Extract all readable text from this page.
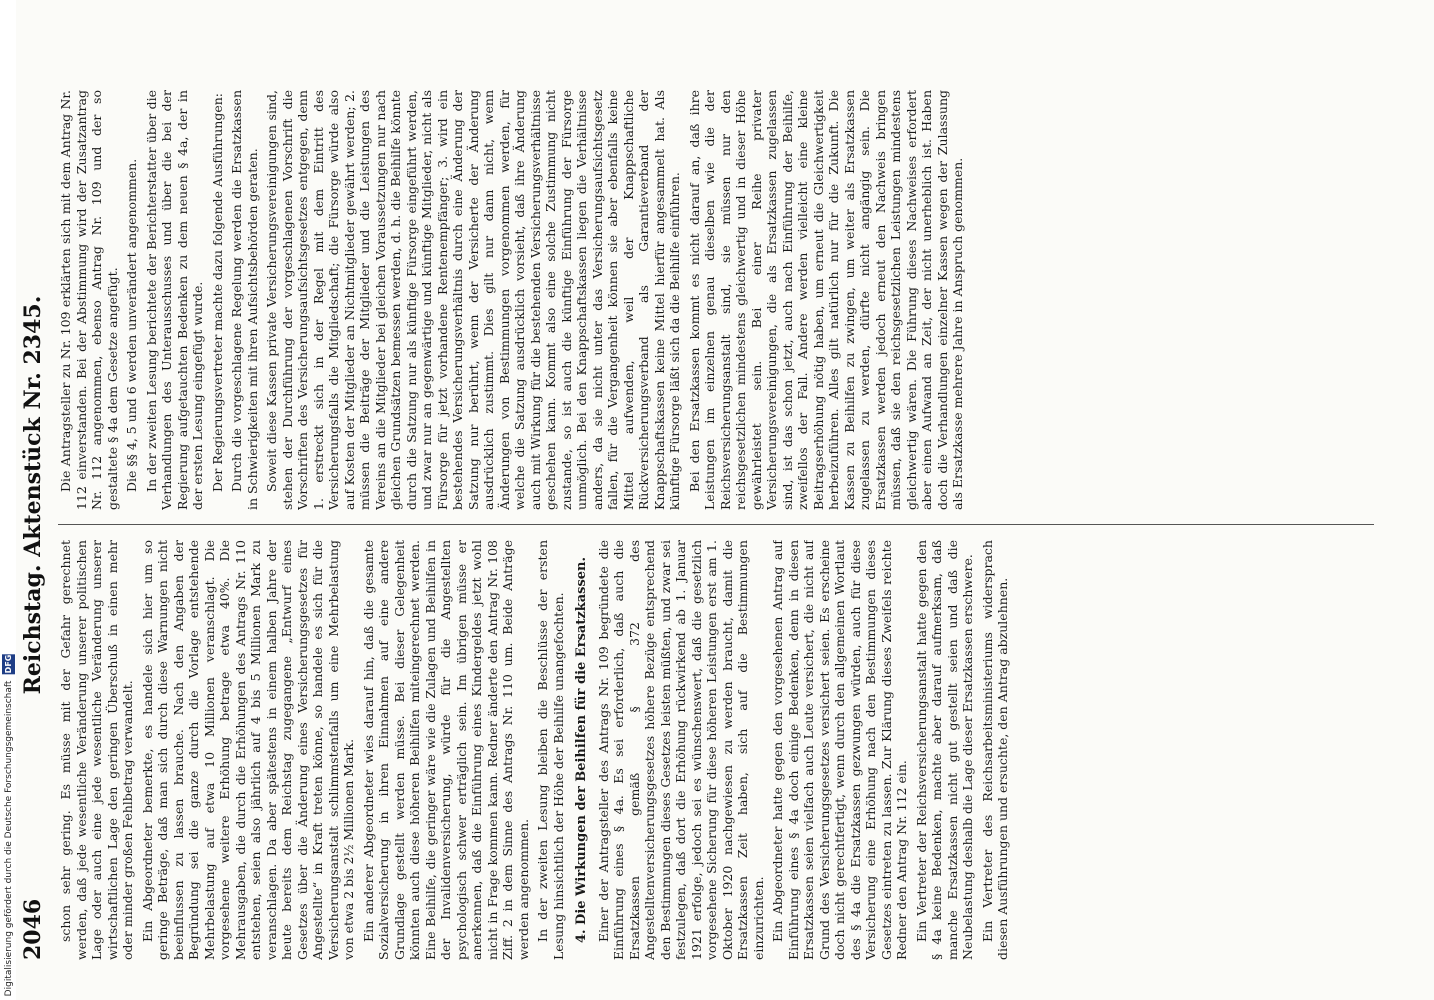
2046
Reichstag. Aktenstück Nr. 2345.

schon sehr gering. Es müsse mit der Gefahr gerechnet werden, daß jede wesentliche Veränderung unserer politischen Lage oder auch eine jede wesentliche Veränderung unserer wirtschaftlichen Lage den geringen Überschuß in einen mehr oder minder großen Fehlbetrag verwandelt. Ein Abgeordneter bemerkte, es handele sich hier um so geringe Beträge, daß man sich durch diese Warnungen nicht beeinflussen zu lassen brauche. Nach den Angaben der Begründung sei die ganze durch die Vorlage entstehende Mehrbelastung auf etwa 10 Millionen veranschlagt. Die vorgesehene weitere Erhöhung betrage etwa 40%. Die Mehrausgaben, die durch die Erhöhungen des Antrags Nr. 110 entstehen, seien also jährlich auf 4 bis 5 Millionen Mark zu veranschlagen. Da aber spätestens in einem halben Jahre der heute bereits dem Reichstag zugegangene „Entwurf eines Gesetzes über die Änderung eines Versicherungsgesetzes für Angestellte“ in Kraft treten könne, so handele es sich für die Versicherungsanstalt schlimmstenfalls um eine Mehrbelastung von etwa 2 bis 2½ Millionen Mark. Ein anderer Abgeordneter wies darauf hin, daß die gesamte Sozialversicherung in ihren Einnahmen auf eine andere Grundlage gestellt werden müsse. Bei dieser Gelegenheit könnten auch diese höheren Beihilfen miteingerechnet werden. Eine Beihilfe, die geringer wäre wie die Zulagen und Beihilfen in der Invalidenversicherung, würde für die Angestellten psychologisch schwer erträglich sein. Im übrigen müsse er anerkennen, daß die Einführung eines Kindergeldes jetzt wohl nicht in Frage kommen kann. Redner änderte den Antrag Nr. 108 Ziff. 2 in dem Sinne des Antrags Nr. 110 um. Beide Anträge werden angenommen. In der zweiten Lesung bleiben die Beschlüsse der ersten Lesung hinsichtlich der Höhe der Beihilfe unangefochten. 4. Die Wirkungen der Beihilfen für die Ersatzkassen. Einer der Antragsteller des Antrags Nr. 109 begründete die Einführung eines § 4a. Es sei erforderlich, daß auch die Ersatzkassen gemäß § 372 des Angestelltenversicherungsgesetzes höhere Bezüge entsprechend den Bestimmungen dieses Gesetzes leisten müßten, und zwar sei festzulegen, daß dort die Erhöhung rückwirkend ab 1. Januar 1921 erfolge, jedoch sei es wünschenswert, daß die gesetzlich vorgesehene Sicherung für diese höheren Leistungen erst am 1. Oktober 1920 nachgewiesen zu werden braucht, damit die Ersatzkassen Zeit haben, sich auf die Bestimmungen einzurichten. Ein Abgeordneter hatte gegen den vorgesehenen Antrag auf Einführung eines § 4a doch einige Bedenken, denn in diesen Ersatzkassen seien vielfach auch Leute versichert, die nicht auf Grund des Versicherungsgesetzes versichert seien. Es erscheine doch nicht gerechtfertigt, wenn durch den allgemeinen Wortlaut des § 4a die Ersatzkassen gezwungen würden, auch für diese Versicherung eine Erhöhung nach den Bestimmungen dieses Gesetzes eintreten zu lassen. Zur Klärung dieses Zweifels reichte Redner den Antrag Nr. 112 ein. Ein Vertreter der Reichsversicherungsanstalt hatte gegen den § 4a keine Bedenken, machte aber darauf aufmerksam, daß manche Ersatzkassen nicht gut gestellt seien und daß die Neubelastung deshalb die Lage dieser Ersatzkassen erschwere. Ein Vertreter des Reichsarbeitsministeriums widersprach diesen Ausführungen und ersuchte, den Antrag abzulehnen.

Die Antragsteller zu Nr. 109 erklärten sich mit dem Antrag Nr. 112 einverstanden. Bei der Abstimmung wird der Zusatzantrag Nr. 112 angenommen, ebenso Antrag Nr. 109 und der so gestaltete § 4a dem Gesetze angefügt. Die §§ 4, 5 und 6 werden unverändert angenommen. In der zweiten Lesung berichtete der Berichterstatter über die Verhandlungen des Unterausschusses und über die bei der Regierung aufgetauchten Bedenken zu dem neuen § 4a, der in der ersten Lesung eingefügt wurde. Der Regierungsvertreter machte dazu folgende Ausführungen: Durch die vorgeschlagene Regelung werden die Ersatzkassen in Schwierigkeiten mit ihren Aufsichtsbehörden geraten. Soweit diese Kassen private Versicherungsvereinigungen sind, stehen der Durchführung der vorgeschlagenen Vorschrift die Vorschriften des Versicherungsaufsichtsgesetzes entgegen, denn 1. erstreckt sich in der Regel mit dem Eintritt des Versicherungsfalls die Mitgliedschaft; die Fürsorge würde also auf Kosten der Mitglieder an Nichtmitglieder gewährt werden; 2. müssen die Beiträge der Mitglieder und die Leistungen des Vereins an die Mitglieder bei gleichen Voraussetzungen nur nach gleichen Grundsätzen bemessen werden, d. h. die Beihilfe könnte durch die Satzung nur als künftige Fürsorge eingeführt werden, und zwar nur an gegenwärtige und künftige Mitglieder, nicht als Fürsorge für jetzt vorhandene Rentenempfänger; 3. wird ein bestehendes Versicherungsverhältnis durch eine Änderung der Satzung nur berührt, wenn der Versicherte der Änderung ausdrücklich zustimmt. Dies gilt nur dann nicht, wenn Änderungen von Bestimmungen vorgenommen werden, für welche die Satzung ausdrücklich vorsieht, daß ihre Änderung auch mit Wirkung für die bestehenden Versicherungsverhältnisse geschehen kann. Kommt also eine solche Zustimmung nicht zustande, so ist auch die künftige Einführung der Fürsorge unmöglich. Bei den Knappschaftskassen liegen die Verhältnisse anders, da sie nicht unter das Versicherungsaufsichtsgesetz fallen, für die Vergangenheit können sie aber ebenfalls keine Mittel aufwenden, weil der Knappschaftliche Rückversicherungsverband als Garantieverband der Knappschaftskassen keine Mittel hierfür angesammelt hat. Als künftige Fürsorge läßt sich da die Beihilfe einführen. Bei den Ersatzkassen kommt es nicht darauf an, daß ihre Leistungen im einzelnen genau dieselben wie die der Reichsversicherungsanstalt sind, sie müssen nur den reichsgesetzlichen mindestens gleichwertig und in dieser Höhe gewährleistet sein. Bei einer Reihe privater Versicherungsvereinigungen, die als Ersatzkassen zugelassen sind, ist das schon jetzt, auch nach Einführung der Beihilfe, zweifellos der Fall. Andere werden vielleicht eine kleine Beitragserhöhung nötig haben, um erneut die Gleichwertigkeit herbeizuführen. Alles gilt natürlich nur für die Zukunft. Die Kassen zu Beihilfen zu zwingen, um weiter als Ersatzkassen zugelassen zu werden, dürfte nicht angängig sein. Die Ersatzkassen werden jedoch erneut den Nachweis bringen müssen, daß sie den reichsgesetzlichen Leistungen mindestens gleichwertig wären. Die Führung dieses Nachweises erfordert aber einen Aufwand an Zeit, der nicht unerheblich ist. Haben doch die Verhandlungen einzelner Kassen wegen der Zulassung als Ersatzkasse mehrere Jahre in Anspruch genommen.

Digitalisierung gefördert durch die Deutsche Forschungsgemeinschaft DFG
